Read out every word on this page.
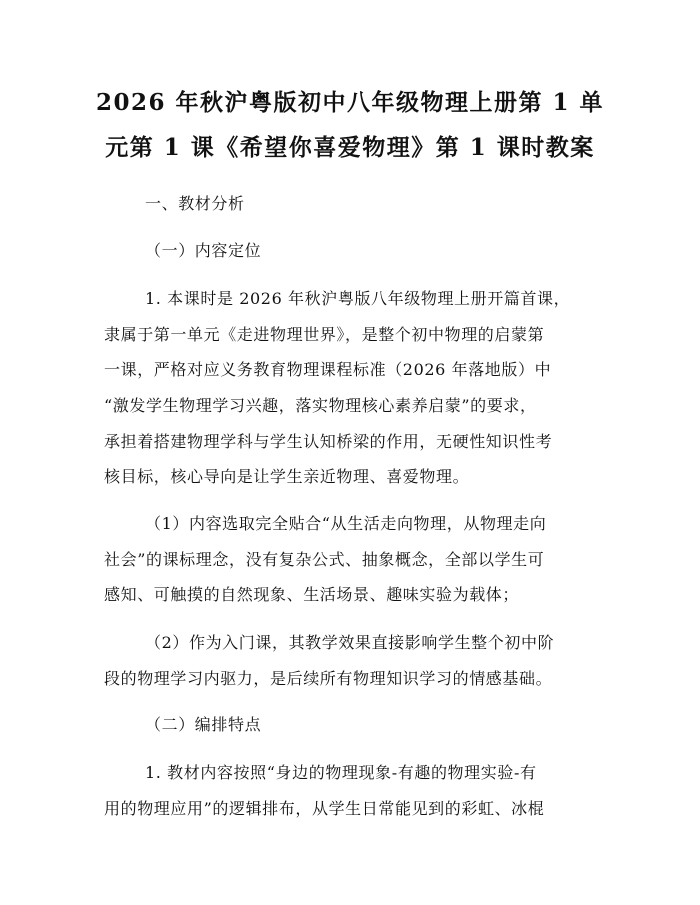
2026 年秋沪粤版初中八年级物理上册第 1 单
元第 1 课《希望你喜爱物理》第 1 课时教案
一、教材分析
（一）内容定位
1. 本课时是 2026 年秋沪粤版八年级物理上册开篇首课，
隶属于第一单元《走进物理世界》，是整个初中物理的启蒙第
一课，严格对应义务教育物理课程标准（2026 年落地版）中
“激发学生物理学习兴趣，落实物理核心素养启蒙”的要求，
承担着搭建物理学科与学生认知桥梁的作用，无硬性知识性考
核目标，核心导向是让学生亲近物理、喜爱物理。
（1）内容选取完全贴合“从生活走向物理，从物理走向
社会”的课标理念，没有复杂公式、抽象概念，全部以学生可
感知、可触摸的自然现象、生活场景、趣味实验为载体；
（2）作为入门课，其教学效果直接影响学生整个初中阶
段的物理学习内驱力，是后续所有物理知识学习的情感基础。
（二）编排特点
1. 教材内容按照“身边的物理现象-有趣的物理实验-有
用的物理应用”的逻辑排布，从学生日常能见到的彩虹、冰棍
